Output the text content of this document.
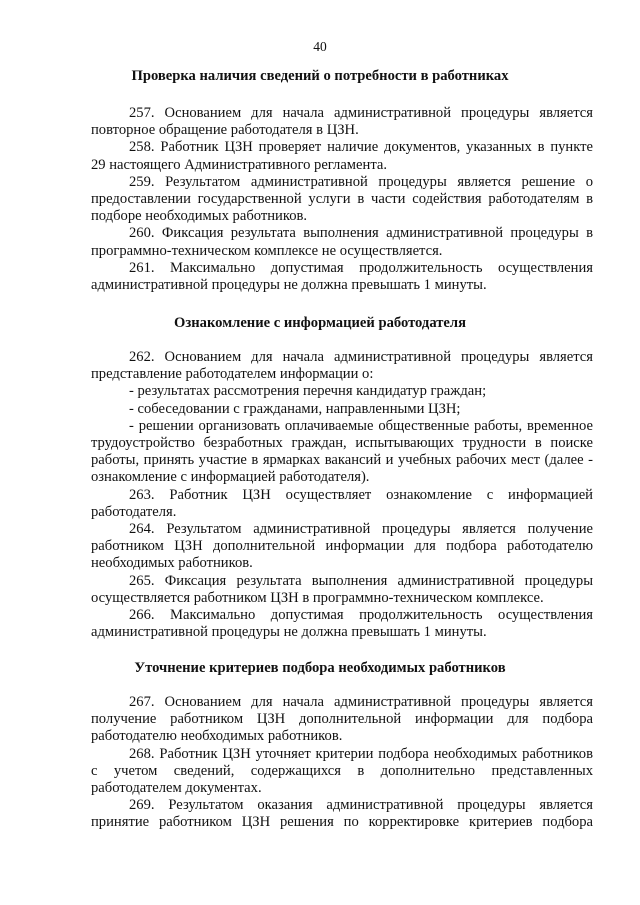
40
Проверка наличия сведений о потребности в работниках

257. Основанием для начала административной процедуры является повторное обращение работодателя в ЦЗН.

258. Работник ЦЗН проверяет наличие документов, указанных в пункте 29 настоящего Административного регламента.

259. Результатом административной процедуры является решение о предоставлении государственной услуги в части содействия работодателям в подборе необходимых работников.

260. Фиксация результата выполнения административной процедуры в программно-техническом комплексе не осуществляется.

261. Максимально допустимая продолжительность осуществления административной процедуры не должна превышать 1 минуты.

Ознакомление с информацией работодателя

262. Основанием для начала административной процедуры является представление работодателем информации о:

- результатах рассмотрения перечня кандидатур граждан;

- собеседовании с гражданами, направленными ЦЗН;

- решении организовать оплачиваемые общественные работы, временное трудоустройство безработных граждан, испытывающих трудности в поиске работы, принять участие в ярмарках вакансий и учебных рабочих мест (далее - ознакомление с информацией работодателя).

263. Работник ЦЗН осуществляет ознакомление с информацией работодателя.

264. Результатом административной процедуры является получение работником ЦЗН дополнительной информации для подбора работодателю необходимых работников.

265. Фиксация результата выполнения административной процедуры осуществляется работником ЦЗН в программно-техническом комплексе.

266. Максимально допустимая продолжительность осуществления административной процедуры не должна превышать 1 минуты.

Уточнение критериев подбора необходимых работников

267. Основанием для начала административной процедуры является получение работником ЦЗН дополнительной информации для подбора работодателю необходимых работников.

268. Работник ЦЗН уточняет критерии подбора необходимых работников с учетом сведений, содержащихся в дополнительно представленных работодателем документах.

269. Результатом оказания административной процедуры является принятие работником ЦЗН решения по корректировке критериев подбора
